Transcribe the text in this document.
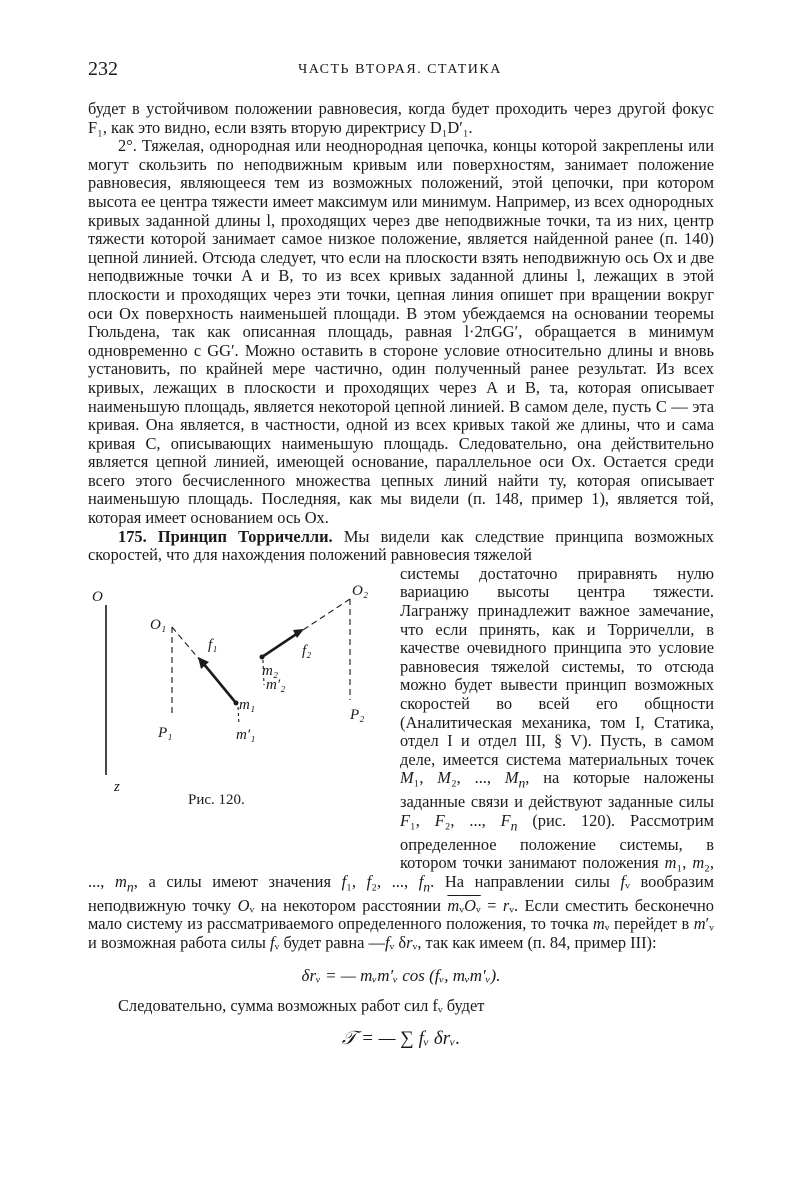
232	ЧАСТЬ ВТОРАЯ. СТАТИКА

будет в устойчивом положении равновесия, когда будет проходить через другой фокус F₁, как это видно, если взять вторую директрису D₁D′₁.

2°. Тяжелая, однородная или неоднородная цепочка, концы которой закреплены или могут скользить по неподвижным кривым или поверхностям, занимает положение равновесия, являющееся тем из возможных положений, этой цепочки, при котором высота ее центра тяжести имеет максимум или минимум. Например, из всех однородных кривых заданной длины l, проходящих через две неподвижные точки, та из них, центр тяжести которой занимает самое низкое положение, является найденной ранее (п. 140) цепной линией. Отсюда следует, что если на плоскости взять неподвижную ось Ox и две неподвижные точки A и B, то из всех кривых заданной длины l, лежащих в этой плоскости и проходящих через эти точки, цепная линия опишет при вращении вокруг оси Ox поверхность наименьшей площади. В этом убеждаемся на основании теоремы Гюльдена, так как описанная площадь, равная l·2πGG′, обращается в минимум одновременно с GG′. Можно оставить в стороне условие относительно длины и вновь установить, по крайней мере частично, один полученный ранее результат. Из всех кривых, лежащих в плоскости и проходящих через A и B, та, которая описывает наименьшую площадь, является некоторой цепной линией. В самом деле, пусть C — эта кривая. Она является, в частности, одной из всех кривых такой же длины, что и сама кривая C, описывающих наименьшую площадь. Следовательно, она действительно является цепной линией, имеющей основание, параллельное оси Ox. Остается среди всего этого бесчисленного множества цепных линий найти ту, которая описывает наименьшую площадь. Последняя, как мы видели (п. 148, пример 1), является той, которая имеет основанием ось Ox.

175. Принцип Торричелли. Мы видели как следствие принципа возможных скоростей, что для нахождения положений равновесия тяжелой

O
z
O₁
P₁
f₁
m₁
m′₁
O₂
P₂
f₂
m₂
m′₂
Рис. 120.

системы достаточно приравнять нулю вариацию высоты центра тяжести. Лагранжу принадлежит важное замечание, что если принять, как и Торричелли, в качестве очевидного принципа это условие равновесия тяжелой системы, то отсюда можно будет вывести принцип возможных скоростей во всей его общности (Аналитическая механика, том I, Статика, отдел I и отдел III, § V). Пусть, в самом деле, имеется система материальных точек M₁, M₂, ..., $M_n$, на которые наложены заданные связи и действуют заданные силы F₁, F₂, ..., $F_n$ (рис. 120). Рассмотрим определенное положение системы, в котором точки занимают положения m₁, m₂, ..., $m_n$, а силы имеют значения f₁, f₂, ..., $f_n$. На направлении силы fᵥ вообразим неподвижную точку Oᵥ на некотором расстоянии mᵥOᵥ = rᵥ. Если сместить бесконечно мало систему из рассматриваемого определенного положения, то точка mᵥ перейдет в m′ᵥ и возможная работа силы fᵥ будет равна —fᵥ δrᵥ, так как имеем (п. 84, пример III):

δrᵥ = — mᵥm′ᵥ cos (fᵥ, mᵥm′ᵥ).

Следовательно, сумма возможных работ сил fᵥ будет

𝒯 = — ∑ fᵥ δrᵥ.
